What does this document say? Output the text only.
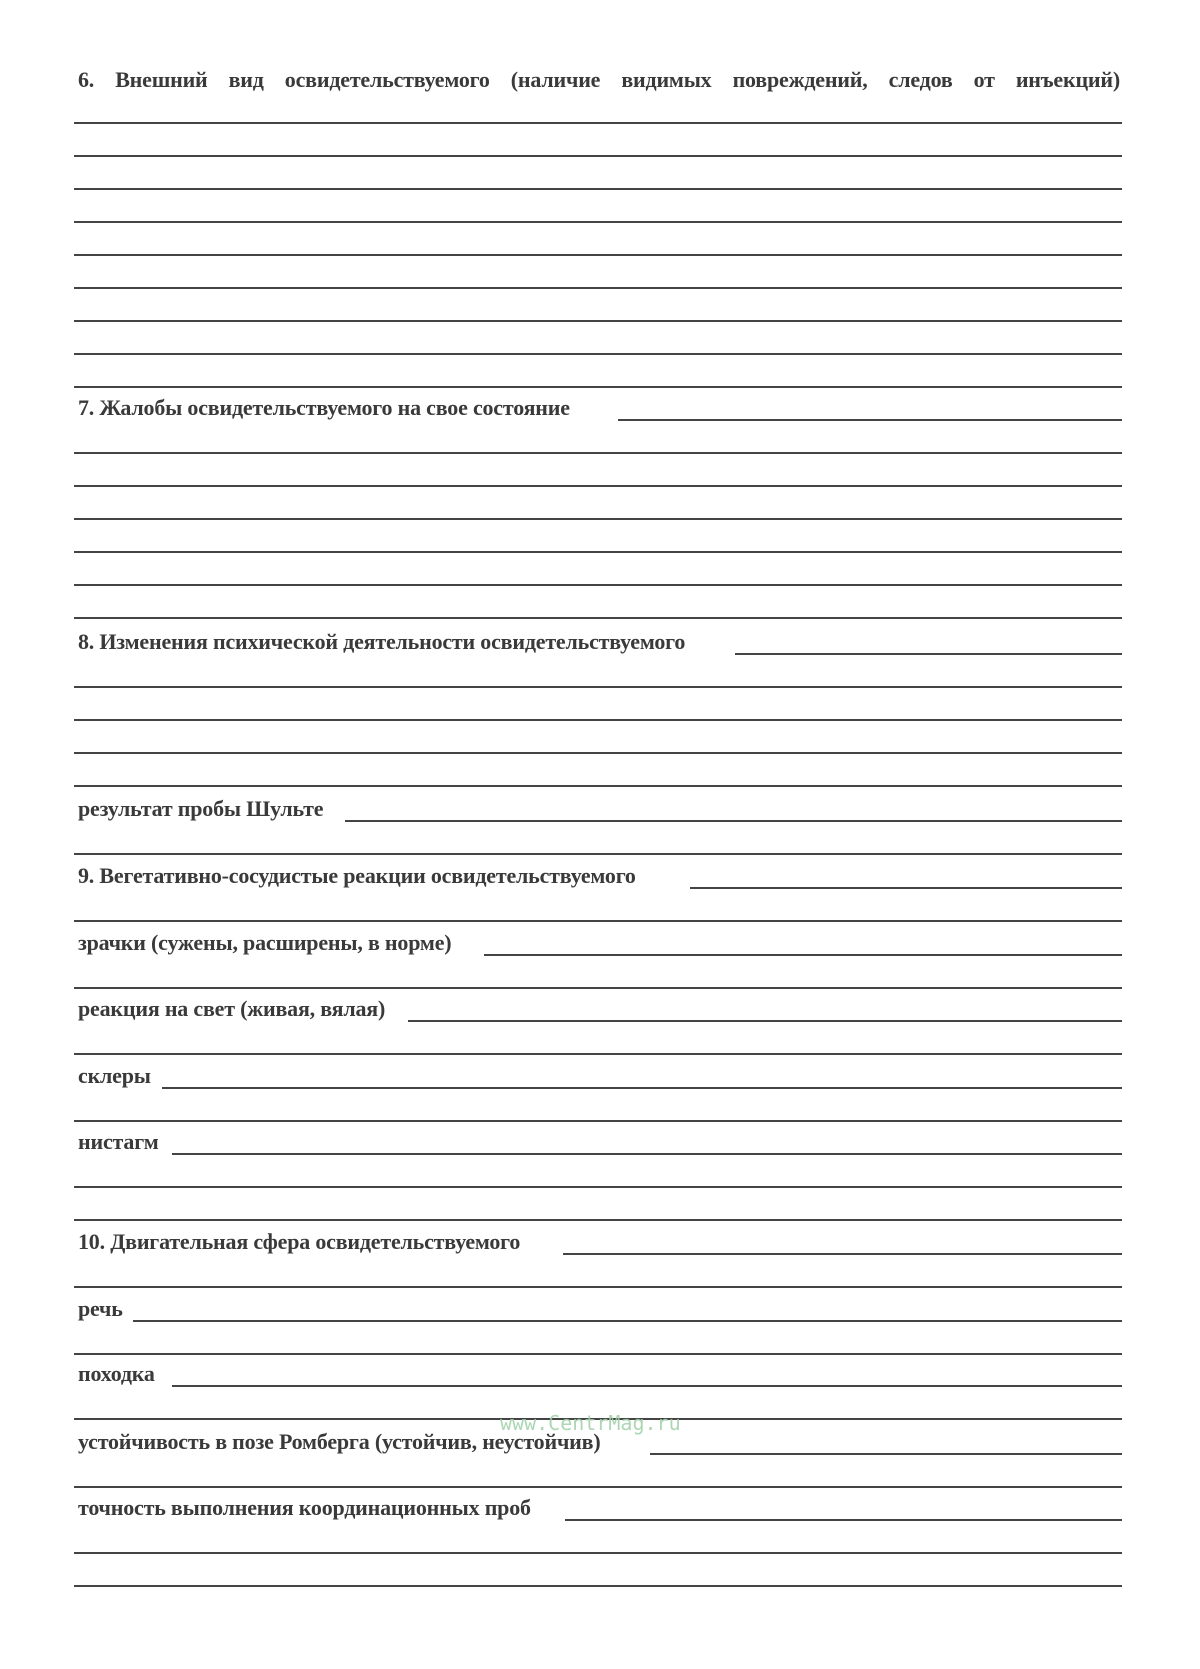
6. Внешний вид освидетельствуемого (наличие видимых повреждений, следов от инъекций)
7. Жалобы освидетельствуемого на свое состояние
8. Изменения психической деятельности освидетельствуемого
результат пробы Шульте
9. Вегетативно-сосудистые реакции освидетельствуемого
зрачки (сужены, расширены, в норме)
реакция на свет (живая, вялая)
склеры
нистагм
10. Двигательная сфера освидетельствуемого
речь
походка
устойчивость в позе Ромберга (устойчив, неустойчив)
точность выполнения координационных проб
www.CentrMag.ru
